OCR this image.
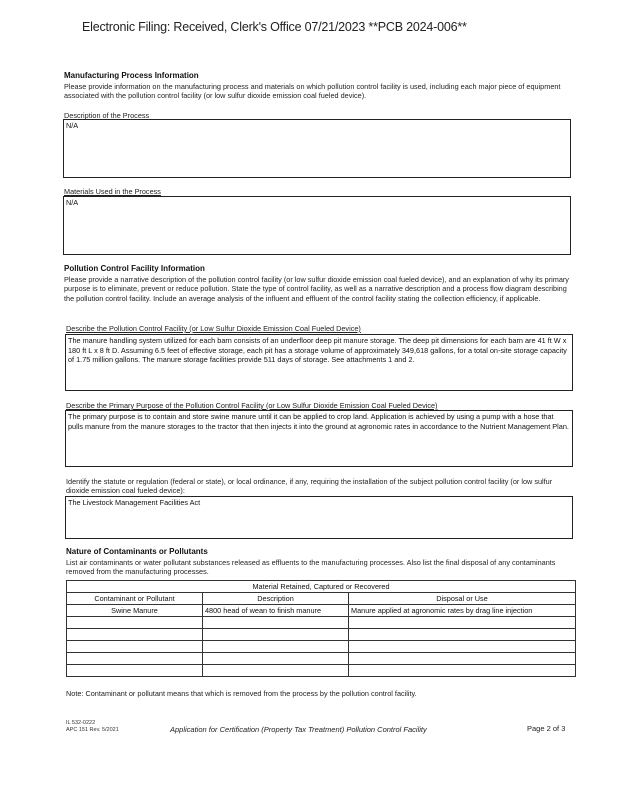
Electronic Filing: Received, Clerk's Office 07/21/2023 **PCB 2024-006**
Manufacturing Process Information
Please provide information on the manufacturing process and materials on which pollution control facility is used, including each major piece of equipment associated with the pollution control facility (or low sulfur dioxide emission coal fueled device).
Description of the Process
N/A
Materials Used in the Process
N/A
Pollution Control Facility Information
Please provide a narrative description of the pollution control facility (or low sulfur dioxide emission coal fueled device), and an explanation of why its primary purpose is to eliminate, prevent or reduce pollution. State the type of control facility, as well as a narrative description and a process flow diagram describing the pollution control facility. Include an average analysis of the influent and effluent of the control facility stating the collection efficiency, if applicable.
Describe the Pollution Control Facility (or Low Sulfur Dioxide Emission Coal Fueled Device)
The manure handling system utilized for each barn consists of an underfloor deep pit manure storage. The deep pit dimensions for each barn are 41 ft W x 180 ft L x 8 ft D. Assuming 6.5 feet of effective storage, each pit has a storage volume of approximately 349,618 gallons, for a total on-site storage capacity of 1.75 million gallons. The manure storage facilities provide 511 days of storage. See attachments 1 and 2.
Describe the Primary Purpose of the Pollution Control Facility (or Low Sulfur Dioxide Emission Coal Fueled Device)
The primary purpose is to contain and store swine manure until it can be applied to crop land. Application is achieved by using a pump with a hose that pulls manure from the manure storages to the tractor that then injects it into the ground at agronomic rates in accordance to the Nutrient Management Plan.
Identify the statute or regulation (federal or state), or local ordinance, if any, requiring the installation of the subject pollution control facility (or low sulfur dioxide emission coal fueled device):
The Livestock Management Facilities Act
Nature of Contaminants or Pollutants
List air contaminants or water pollutant substances released as effluents to the manufacturing processes. Also list the final disposal of any contaminants removed from the manufacturing processes.
Material Retained, Captured or Recovered		
Contaminant or Pollutant	Description	Disposal or Use
Swine Manure	4800 head of wean to finish manure	Manure applied at agronomic rates by drag line injection

Note: Contaminant or pollutant means that which is removed from the process by the pollution control facility.
IL 532-0222
APC 151 Rev. 5/2021	Application for Certification (Property Tax Treatment) Pollution Control Facility	Page 2 of 3
